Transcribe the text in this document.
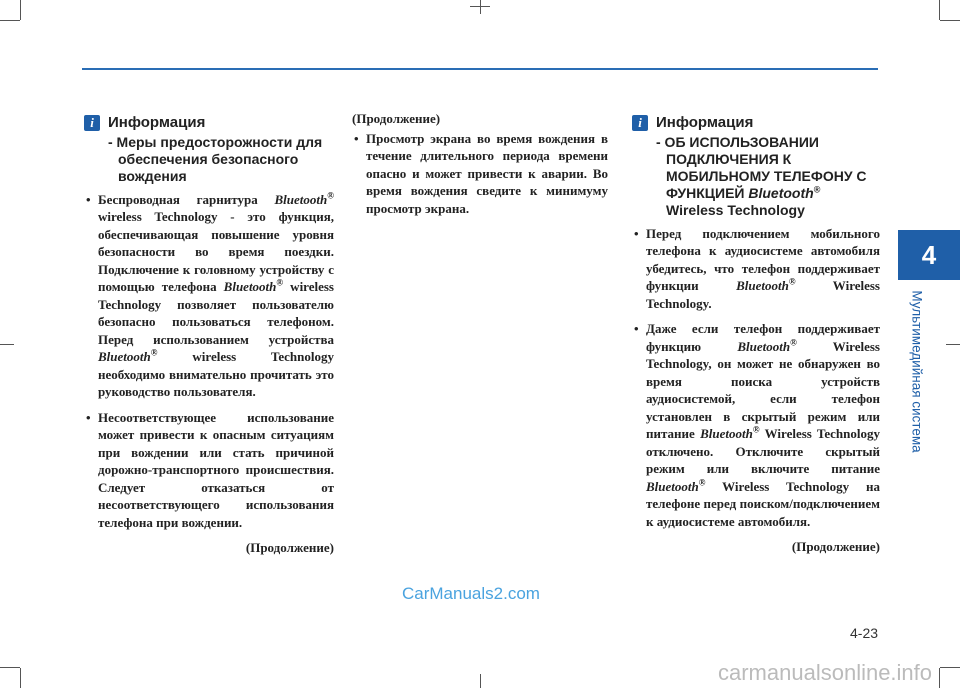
4
Мультимедийная система
i Информация
- Меры предосторожности для обеспечения безопасного вождения
• Беспроводная гарнитура Bluetooth® wireless Technology - это функция, обеспечивающая повышение уровня безопасности во время поездки. Подключение к головному устройству с помощью телефона Bluetooth® wireless Technology позволяет пользователю безопасно пользоваться телефоном. Перед использованием устройства Bluetooth® wireless Technology необходимо внимательно прочитать это руководство пользователя.
• Несоответствующее использование может привести к опасным ситуациям при вождении или стать причиной дорожно-транспортного происшествия. Следует отказаться от несоответствующего использования телефона при вождении.
(Продолжение)
(Продолжение)
• Просмотр экрана во время вождения в течение длительного периода времени опасно и может привести к аварии. Во время вождения сведите к минимуму просмотр экрана.
i Информация
- ОБ ИСПОЛЬЗОВАНИИ ПОДКЛЮЧЕНИЯ К МОБИЛЬНОМУ ТЕЛЕФОНУ С ФУНКЦИЕЙ Bluetooth® Wireless Technology
• Перед подключением мобильного телефона к аудиосистеме автомобиля убедитесь, что телефон поддерживает функции Bluetooth® Wireless Technology.
• Даже если телефон поддерживает функцию Bluetooth® Wireless Technology, он может не обнаружен во время поиска устройств аудиосистемой, если телефон установлен в скрытый режим или питание Bluetooth® Wireless Technology отключено. Отключите скрытый режим или включите питание Bluetooth® Wireless Technology на телефоне перед поиском/подключением к аудиосистеме автомобиля.
(Продолжение)
CarManuals2.com
4-23
carmanualsonline.info
